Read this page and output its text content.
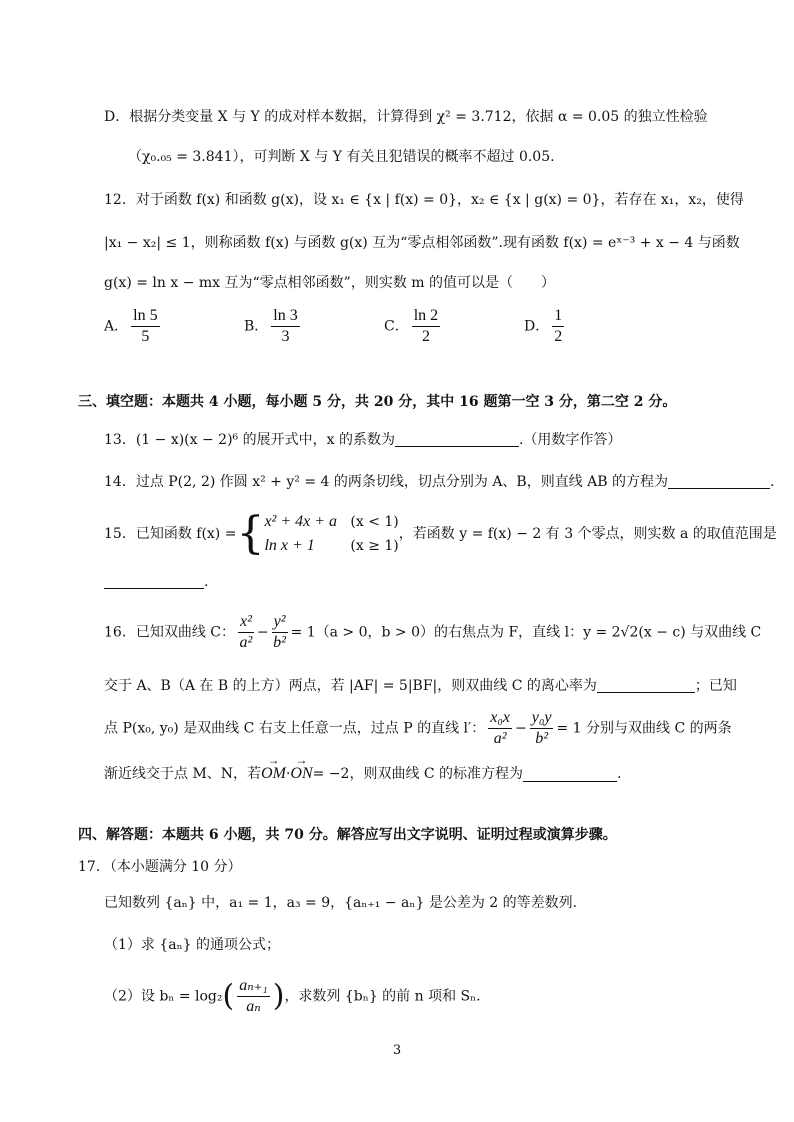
D．根据分类变量 X 与 Y 的成对样本数据，计算得到 χ² = 3.712，依据 α = 0.05 的独立性检验
（χ₀.₀₅ = 3.841），可判断 X 与 Y 有关且犯错误的概率不超过 0.05.
12．对于函数 f(x) 和函数 g(x)，设 x₁ ∈ {x | f(x) = 0}，x₂ ∈ {x | g(x) = 0}，若存在 x₁，x₂，使得
|x₁ − x₂| ≤ 1，则称函数 f(x) 与函数 g(x) 互为“零点相邻函数”.现有函数 f(x) = eˣ⁻³ + x − 4 与函数
g(x) = ln x − mx 互为“零点相邻函数”，则实数 m 的值可以是（　　）
A． $\frac{\ln 5}{5}$	B． $\frac{\ln 3}{3}$	C． $\frac{\ln 2}{2}$	D． $\frac{1}{2}$
三、填空题：本题共 4 小题，每小题 5 分，共 20 分，其中 16 题第一空 3 分，第二空 2 分。
13．(1 − x)(x − 2)⁶ 的展开式中，x 的系数为	.（用数字作答）
14．过点 P(2, 2) 作圆 x² + y² = 4 的两条切线，切点分别为 A、B，则直线 AB 的方程为	.
15．已知函数 f(x) ={ x² + 4x + a (x < 1)
ln x + 1	(x ≥ 1)
，若函数 y = f(x) − 2 有 3 个零点，则实数 a 的取值范围是
.
16．已知双曲线 C： $\frac{\text{x²}}{\text{a²}} - \frac{\text{y²}}{\text{b²}} = 1(a > 0$，b > 0）的右焦点为 F，直线 l：y = 2√2(x − c) 与双曲线 C
交于 A、B（A 在 B 的上方）两点，若 |AF| = 5|BF|，则双曲线 C 的离心率为	；已知
点 P(x₀, y₀) 是双曲线 C 右支上任意一点，过点 P 的直线 l′： $\frac{\text{x₀x}}{\text{a²}} - \frac{\text{y₀y}}{\text{b²}} = 1$ 分别与双曲线 C 的两条
渐近线交于点 M、N，若→ OM·→ ON= −2，则双曲线 C 的标准方程为	.
四、解答题：本题共 6 小题，共 70 分。解答应写出文字说明、证明过程或演算步骤。
17．（本小题满分 10 分）
已知数列 {aₙ} 中，a₁ = 1，a₃ = 9，{aₙ₊₁ − aₙ} 是公差为 2 的等差数列.
（1）求 {aₙ} 的通项公式；
（2）设 $b_n = \log_2( \frac{\text{aₙ₊₁}}{\text{aₙ}}$ )，求数列 {bₙ} 的前 n 项和 Sₙ.
3
